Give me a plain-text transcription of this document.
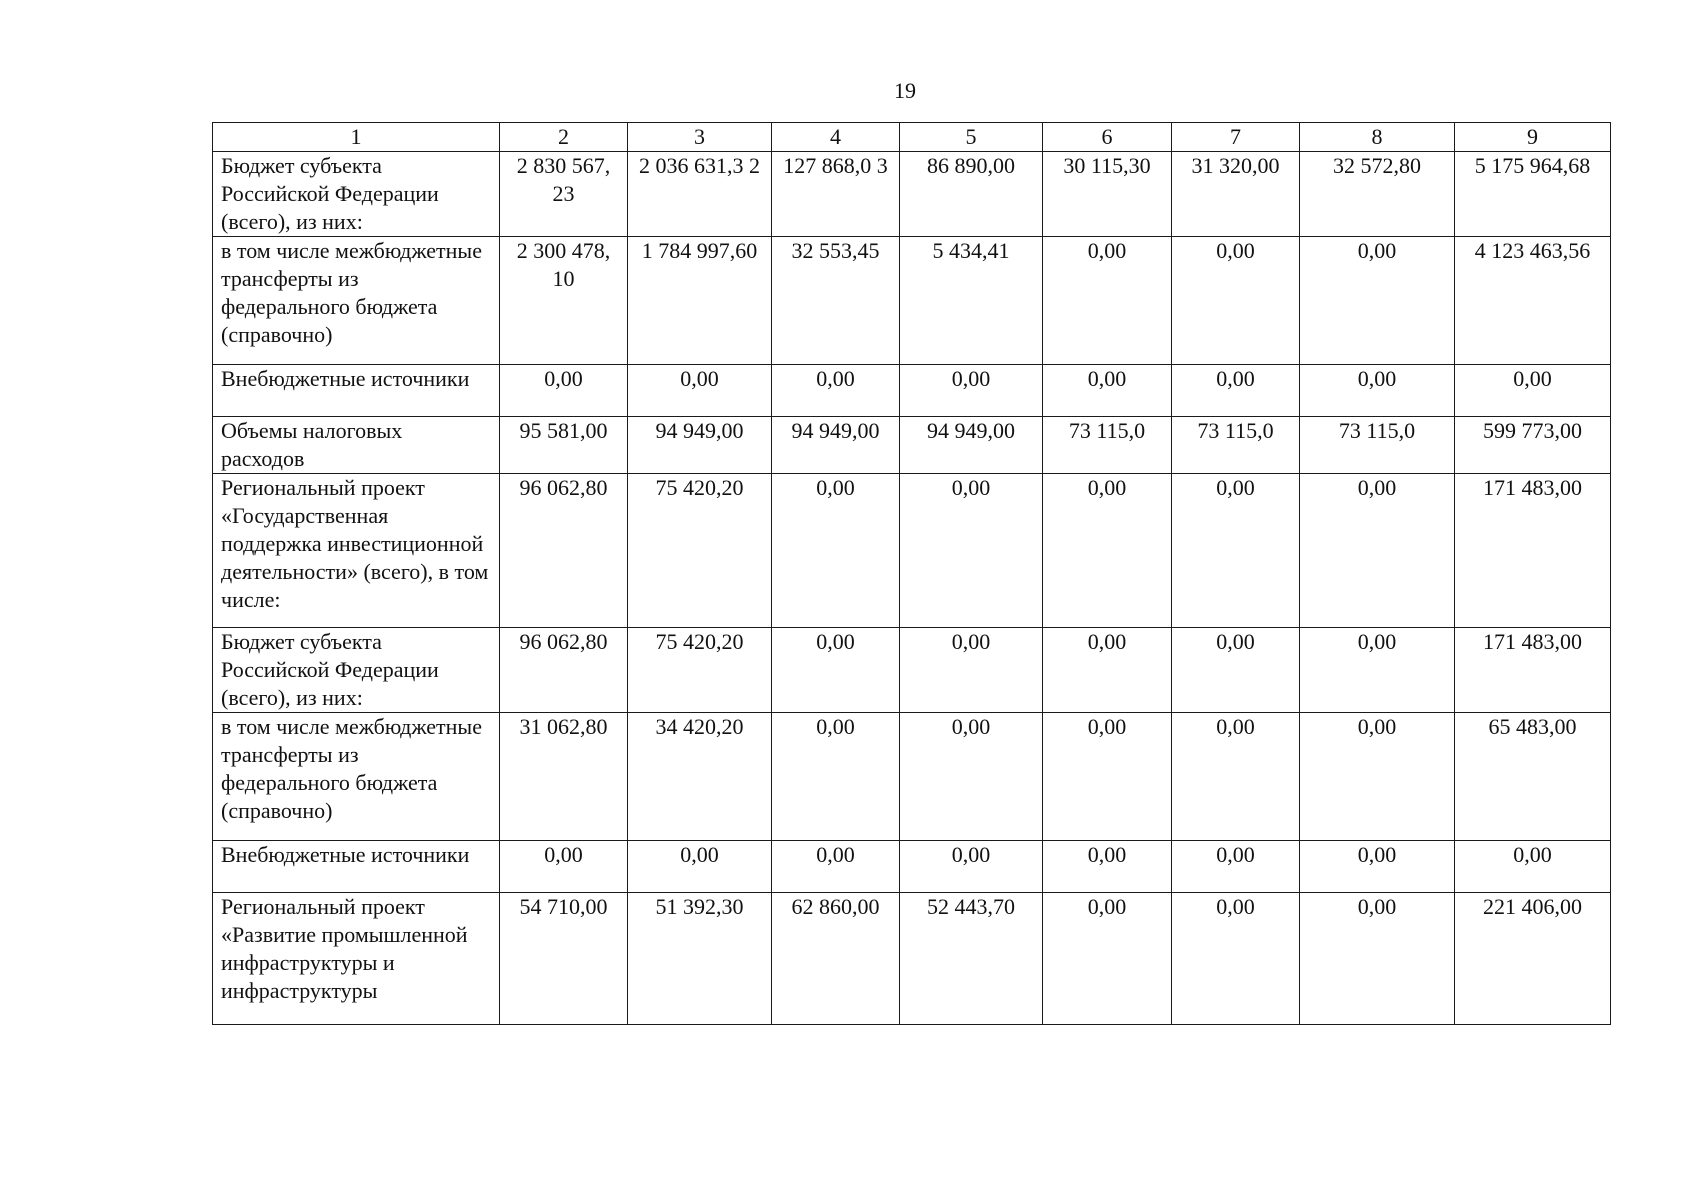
19
1	2	3	4	5	6	7	8	9
Бюджет субъекта Российской Федерации (всего), из них:	2 830 567, 23	2 036 631,3 2	127 868,0 3	86 890,00	30 115,30	31 320,00	32 572,80	5 175 964,68
в том числе межбюджетные трансферты из федерального бюджета (справочно)	2 300 478, 10	1 784 997,60	32 553,45	5 434,41	0,00	0,00	0,00	4 123 463,56
Внебюджетные источники	0,00	0,00	0,00	0,00	0,00	0,00	0,00	0,00
Объемы налоговых расходов	95 581,00	94 949,00	94 949,00	94 949,00	73 115,0	73 115,0	73 115,0	599 773,00
Региональный проект «Государственная поддержка инвестиционной деятельности» (всего), в том числе:	96 062,80	75 420,20	0,00	0,00	0,00	0,00	0,00	171 483,00
Бюджет субъекта Российской Федерации (всего), из них:	96 062,80	75 420,20	0,00	0,00	0,00	0,00	0,00	171 483,00
в том числе межбюджетные трансферты из федерального бюджета (справочно)	31 062,80	34 420,20	0,00	0,00	0,00	0,00	0,00	65 483,00
Внебюджетные источники	0,00	0,00	0,00	0,00	0,00	0,00	0,00	0,00
Региональный проект «Развитие промышленной инфраструктуры и инфраструктуры	54 710,00	51 392,30	62 860,00	52 443,70	0,00	0,00	0,00	221 406,00
